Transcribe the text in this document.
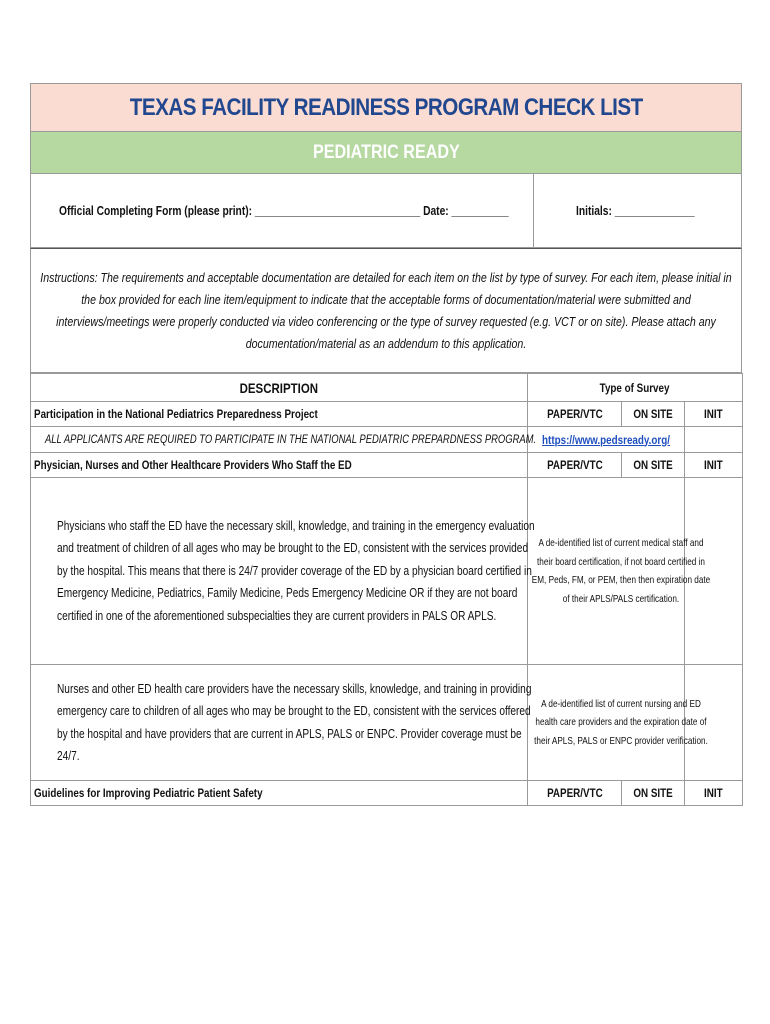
TEXAS FACILITY READINESS PROGRAM CHECK LIST
PEDIATRIC READY
Official Completing Form (please print): _____________________________ Date: __________	Initials: ______________

Instructions: The requirements and acceptable documentation are detailed for each item on the list by type of survey. For each item, please initial in the box provided for each line item/equipment to indicate that the acceptable forms of documentation/material were submitted and interviews/meetings were properly conducted via video conferencing or the type of survey requested (e.g. VCT or on site). Please attach any documentation/material as an addendum to this application.

DESCRIPTION	Type of Survey		
Participation in the National Pediatrics Preparedness Project	PAPER/VTC	ON SITE	INIT
ALL APPLICANTS ARE REQUIRED TO PARTICIPATE IN THE NATIONAL PEDIATRIC PREPARDNESS PROGRAM.	https://www.pedsready.org/		
Physician, Nurses and Other Healthcare Providers Who Staff the ED	PAPER/VTC	ON SITE	INIT

Physicians who staff the ED have the necessary skill, knowledge, and training in the emergency evaluation and treatment of children of all ages who may be brought to the ED, consistent with the services provided by the hospital. This means that there is 24/7 provider coverage of the ED by a physician board certified in Emergency Medicine, Pediatrics, Family Medicine, Peds Emergency Medicine OR if they are not board certified in one of the aforementioned subspecialties they are current providers in PALS OR APLS.	A de-identified list of current medical staff and their board certification, if not board certified in EM, Peds, FM, or PEM, then then expiration date of their APLS/PALS certification.		

Nurses and other ED health care providers have the necessary skills, knowledge, and training in providing emergency care to children of all ages who may be brought to the ED, consistent with the services offered by the hospital and have providers that are current in APLS, PALS or ENPC. Provider coverage must be 24/7.	A de-identified list of current nursing and ED health care providers and the expiration date of their APLS, PALS or ENPC provider verification.		

Guidelines for Improving Pediatric Patient Safety	PAPER/VTC	ON SITE	INIT
